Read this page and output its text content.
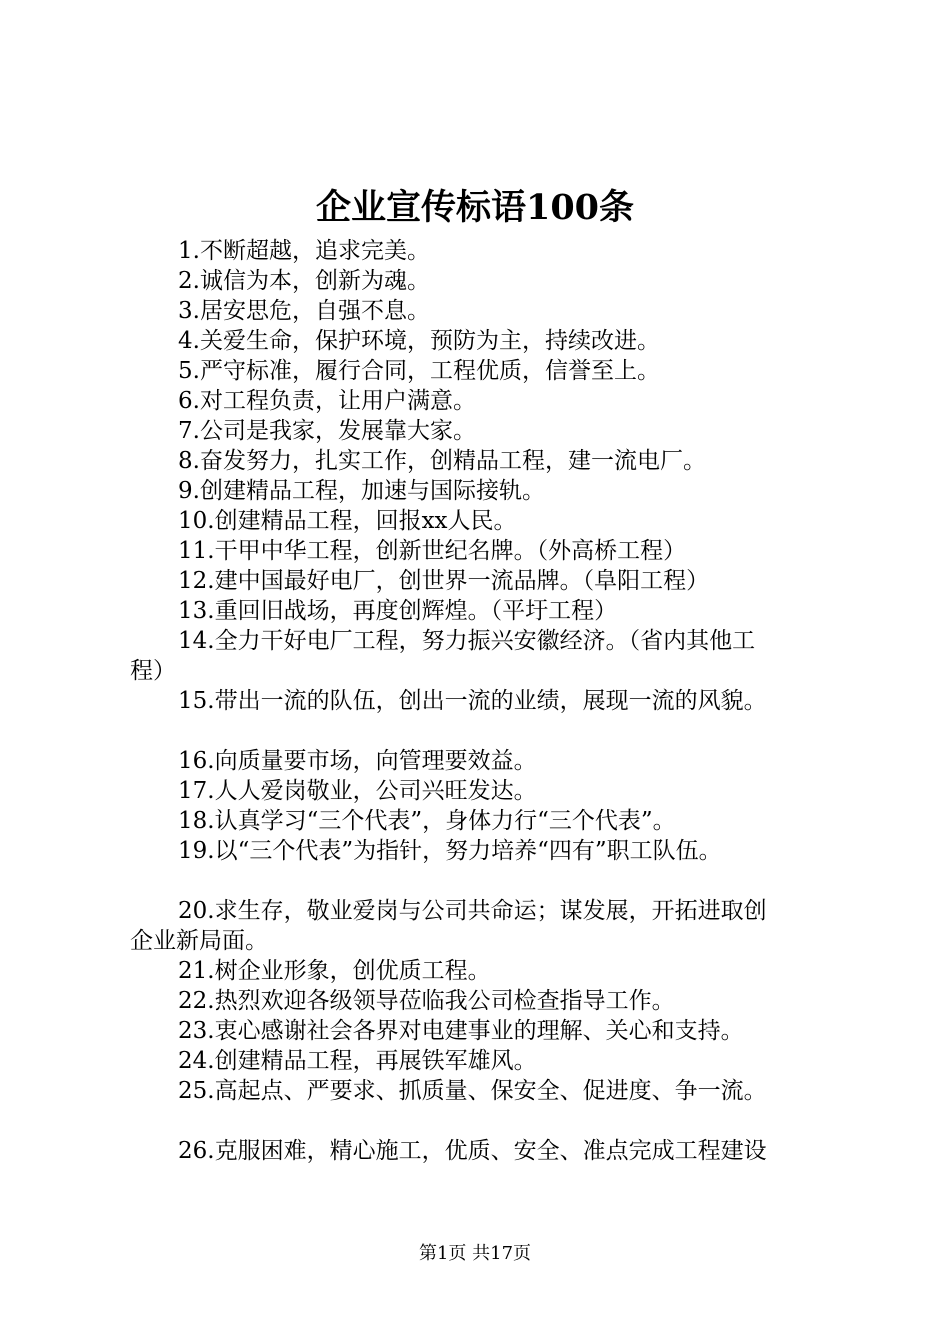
企业宣传标语100条
1.不断超越，追求完美。
2.诚信为本，创新为魂。
3.居安思危，自强不息。
4.关爱生命，保护环境，预防为主，持续改进。
5.严守标准，履行合同，工程优质，信誉至上。
6.对工程负责，让用户满意。
7.公司是我家，发展靠大家。
8.奋发努力，扎实工作，创精品工程，建一流电厂。
9.创建精品工程，加速与国际接轨。
10.创建精品工程，回报xx人民。
11.干甲中华工程，创新世纪名牌。（外高桥工程）
12.建中国最好电厂，创世界一流品牌。（阜阳工程）
13.重回旧战场，再度创辉煌。（平圩工程）
14.全力干好电厂工程，努力振兴安徽经济。（省内其他工
程）
15.带出一流的队伍，创出一流的业绩，展现一流的风貌。
16.向质量要市场，向管理要效益。
17.人人爱岗敬业，公司兴旺发达。
18.认真学习“三个代表”，身体力行“三个代表”。
19.以“三个代表”为指针，努力培养“四有”职工队伍。
20.求生存，敬业爱岗与公司共命运；谋发展，开拓进取创
企业新局面。
21.树企业形象，创优质工程。
22.热烈欢迎各级领导莅临我公司检查指导工作。
23.衷心感谢社会各界对电建事业的理解、关心和支持。
24.创建精品工程，再展铁军雄风。
25.高起点、严要求、抓质量、保安全、促进度、争一流。
26.克服困难，精心施工，优质、安全、准点完成工程建设
第1页 共17页
